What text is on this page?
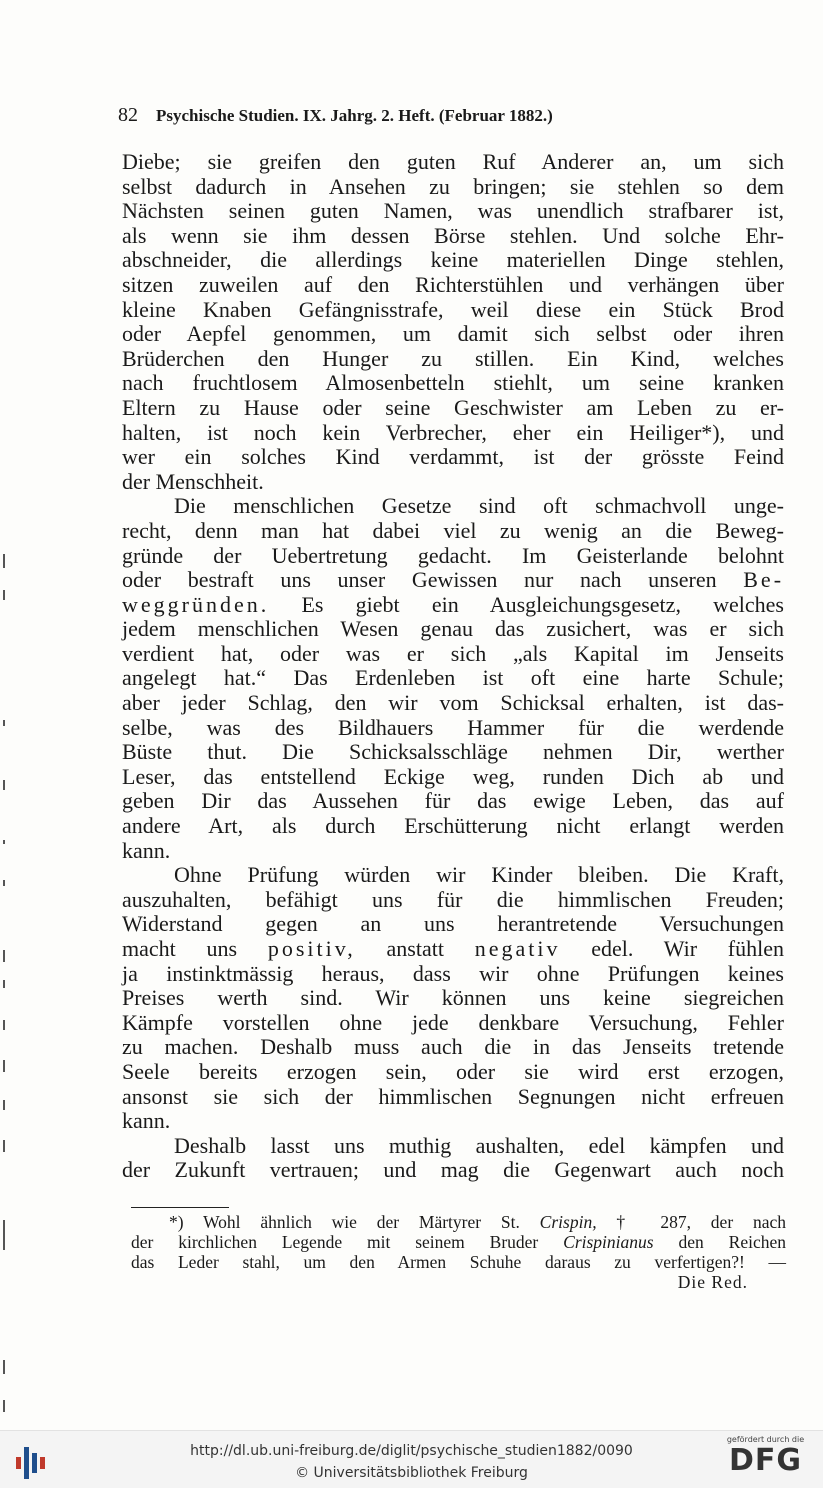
82 Psychische Studien. IX. Jahrg. 2. Heft. (Februar 1882.)

Diebe; sie greifen den guten Ruf Anderer an, um sich
selbst dadurch in Ansehen zu bringen; sie stehlen so dem
Nächsten seinen guten Namen, was unendlich strafbarer ist,
als wenn sie ihm dessen Börse stehlen. Und solche Ehr-
abschneider, die allerdings keine materiellen Dinge stehlen,
sitzen zuweilen auf den Richterstühlen und verhängen über
kleine Knaben Gefängnisstrafe, weil diese ein Stück Brod
oder Aepfel genommen, um damit sich selbst oder ihren
Brüderchen den Hunger zu stillen. Ein Kind, welches
nach fruchtlosem Almosenbetteln stiehlt, um seine kranken
Eltern zu Hause oder seine Geschwister am Leben zu er-
halten, ist noch kein Verbrecher, eher ein Heiliger*), und
wer ein solches Kind verdammt, ist der grösste Feind
der Menschheit.

Die menschlichen Gesetze sind oft schmachvoll unge-
recht, denn man hat dabei viel zu wenig an die Beweg-
gründe der Uebertretung gedacht. Im Geisterlande belohnt
oder bestraft uns unser Gewissen nur nach unseren Be-
weggründen. Es giebt ein Ausgleichungsgesetz, welches
jedem menschlichen Wesen genau das zusichert, was er sich
verdient hat, oder was er sich „als Kapital im Jenseits
angelegt hat.“ Das Erdenleben ist oft eine harte Schule;
aber jeder Schlag, den wir vom Schicksal erhalten, ist das-
selbe, was des Bildhauers Hammer für die werdende
Büste thut. Die Schicksalsschläge nehmen Dir, werther
Leser, das entstellend Eckige weg, runden Dich ab und
geben Dir das Aussehen für das ewige Leben, das auf
andere Art, als durch Erschütterung nicht erlangt werden
kann.

Ohne Prüfung würden wir Kinder bleiben. Die Kraft,
auszuhalten, befähigt uns für die himmlischen Freuden;
Widerstand gegen an uns herantretende Versuchungen
macht uns positiv, anstatt negativ edel. Wir fühlen
ja instinktmässig heraus, dass wir ohne Prüfungen keines
Preises werth sind. Wir können uns keine siegreichen
Kämpfe vorstellen ohne jede denkbare Versuchung, Fehler
zu machen. Deshalb muss auch die in das Jenseits tretende
Seele bereits erzogen sein, oder sie wird erst erzogen,
ansonst sie sich der himmlischen Segnungen nicht erfreuen
kann.

Deshalb lasst uns muthig aushalten, edel kämpfen und
der Zukunft vertrauen; und mag die Gegenwart auch noch

*) Wohl ähnlich wie der Märtyrer St. Crispin, † 287, der nach
der kirchlichen Legende mit seinem Bruder Crispinianus den Reichen
das Leder stahl, um den Armen Schuhe daraus zu verfertigen?! —
Die Red.
http://dl.ub.uni-freiburg.de/diglit/psychische_studien1882/0090
© Universitätsbibliothek Freiburg
gefördert durch die
DFG
